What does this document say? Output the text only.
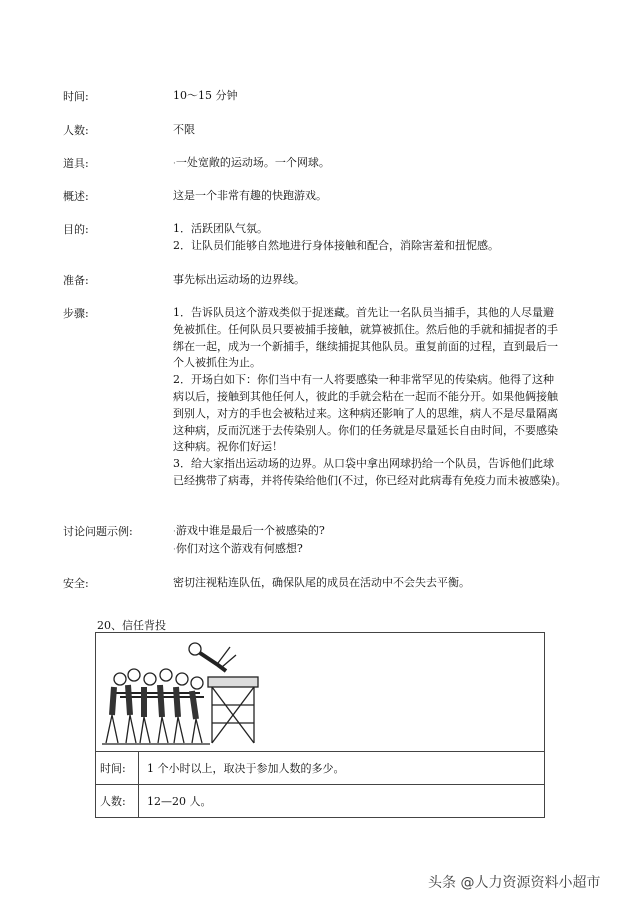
时间:	10～15 分钟
人数:	不限
道具:	·一处宽敞的运动场。一个网球。
概述:	这是一个非常有趣的快跑游戏。
目的:	1．活跃团队气氛。
2．让队员们能够自然地进行身体接触和配合，消除害羞和扭怩感。
准备:	事先标出运动场的边界线。
步骤:	1．告诉队员这个游戏类似于捉迷藏。首先让一名队员当捕手，其他的人尽量避
免被抓住。任何队员只要被捕手接触，就算被抓住。然后他的手就和捕捉者的手
绑在一起，成为一个新捕手，继续捕捉其他队员。重复前面的过程，直到最后一
个人被抓住为止。
2．开场白如下：你们当中有一人将要感染一种非常罕见的传染病。他得了这种
病以后，接触到其他任何人，彼此的手就会粘在一起而不能分开。如果他俩接触
到别人，对方的手也会被粘过来。这种病还影响了人的思维，病人不是尽量隔离
这种病，反而沉迷于去传染别人。你们的任务就是尽量延长自由时间，不要感染
这种病。祝你们好运！
3．给大家指出运动场的边界。从口袋中拿出网球扔给一个队员，告诉他们此球
已经携带了病毒，并将传染给他们(不过，你已经对此病毒有免疫力而未被感染)。
讨论问题示例:	·游戏中谁是最后一个被感染的?
·你们对这个游戏有何感想?
安全:	密切注视粘连队伍，确保队尾的成员在活动中不会失去平衡。
20、信任背投

时间:	1 个小时以上，取决于参加人数的多少。
人数:	12—20 人。
头条 @人力资源资料小超市
